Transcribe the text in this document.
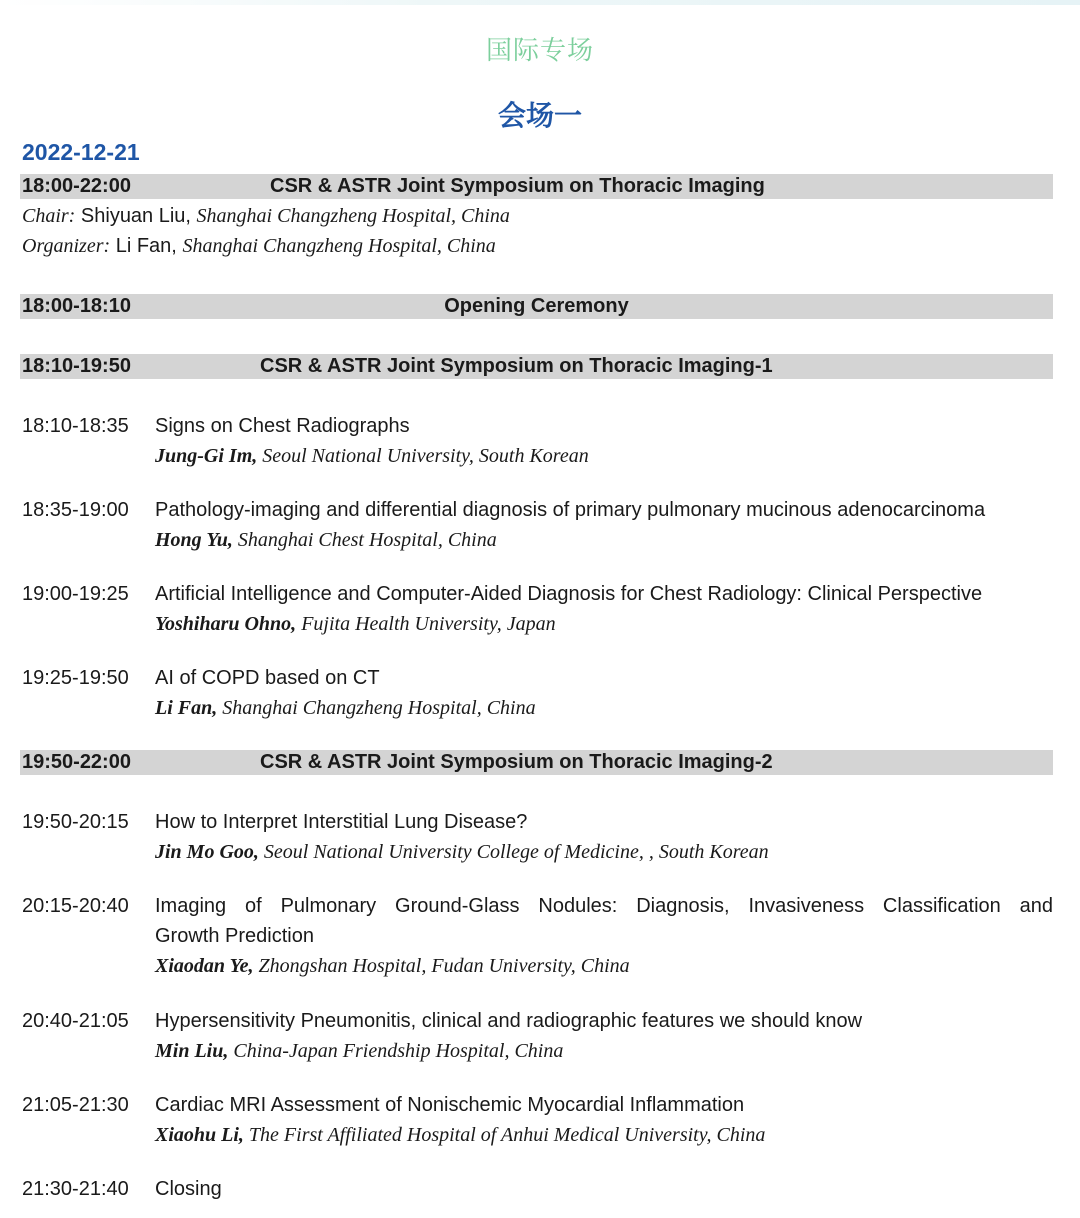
国际专场
会场一
2022-12-21
18:00-22:00	CSR & ASTR Joint Symposium on Thoracic Imaging
Chair: Shiyuan Liu, Shanghai Changzheng Hospital, China
Organizer: Li Fan, Shanghai Changzheng Hospital, China
18:00-18:10	Opening Ceremony
18:10-19:50	CSR & ASTR Joint Symposium on Thoracic Imaging-1
18:10-18:35 Signs on Chest Radiographs
Jung-Gi Im, Seoul National University, South Korean
18:35-19:00 Pathology-imaging and differential diagnosis of primary pulmonary mucinous adenocarcinoma
Hong Yu, Shanghai Chest Hospital, China
19:00-19:25 Artificial Intelligence and Computer-Aided Diagnosis for Chest Radiology: Clinical Perspective
Yoshiharu Ohno, Fujita Health University, Japan
19:25-19:50 AI of COPD based on CT
Li Fan, Shanghai Changzheng Hospital, China
19:50-22:00	CSR & ASTR Joint Symposium on Thoracic Imaging-2
19:50-20:15 How to Interpret Interstitial Lung Disease?
Jin Mo Goo, Seoul National University College of Medicine, , South Korean
20:15-20:40 Imaging of Pulmonary Ground-Glass Nodules: Diagnosis, Invasiveness Classification and
Growth Prediction
Xiaodan Ye, Zhongshan Hospital, Fudan University, China
20:40-21:05 Hypersensitivity Pneumonitis, clinical and radiographic features we should know
Min Liu, China-Japan Friendship Hospital, China
21:05-21:30 Cardiac MRI Assessment of Nonischemic Myocardial Inflammation
Xiaohu Li, The First Affiliated Hospital of Anhui Medical University, China
21:30-21:40 Closing
